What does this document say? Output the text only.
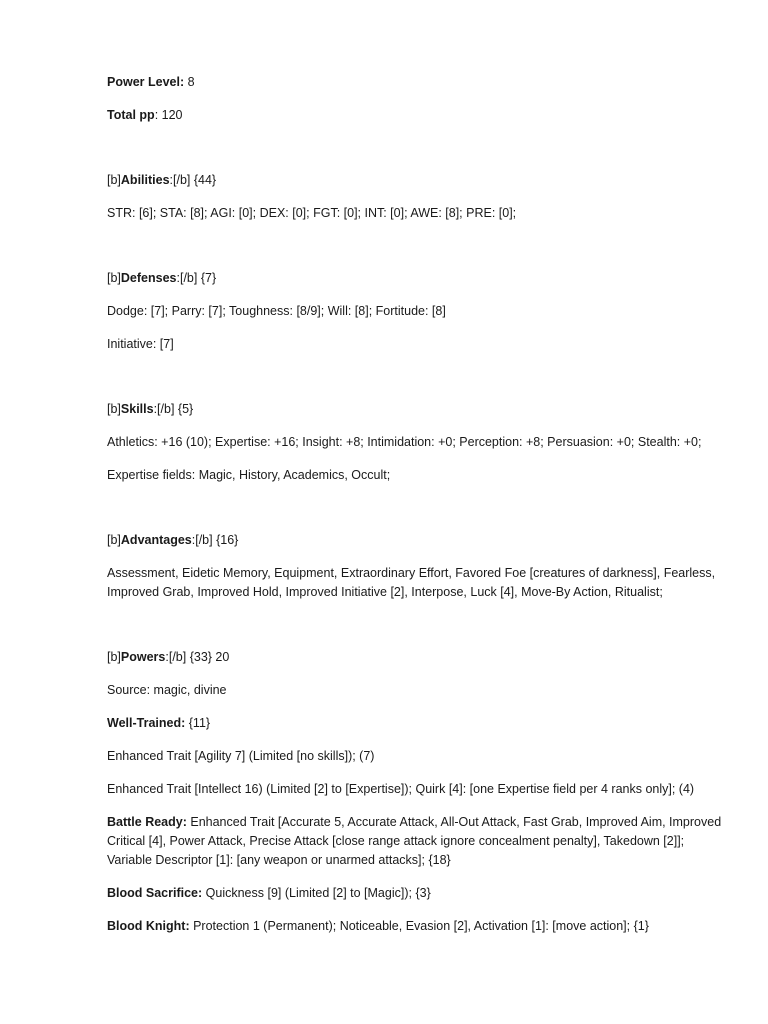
Power Level: 8

Total pp: 120

[b]Abilities:[/b] {44}

STR: [6]; STA: [8]; AGI: [0]; DEX: [0]; FGT: [0]; INT: [0]; AWE: [8]; PRE: [0];

[b]Defenses:[/b] {7}

Dodge: [7]; Parry: [7]; Toughness: [8/9]; Will: [8]; Fortitude: [8]

Initiative: [7]

[b]Skills:[/b] {5}

Athletics: +16 (10); Expertise: +16; Insight: +8; Intimidation: +0; Perception: +8; Persuasion: +0; Stealth: +0;

Expertise fields: Magic, History, Academics, Occult;

[b]Advantages:[/b] {16}

Assessment, Eidetic Memory, Equipment, Extraordinary Effort, Favored Foe [creatures of darkness], Fearless, Improved Grab, Improved Hold, Improved Initiative [2], Interpose, Luck [4], Move-By Action, Ritualist;

[b]Powers:[/b] {33} 20

Source: magic, divine

Well-Trained: {11}

Enhanced Trait [Agility 7] (Limited [no skills]); (7)

Enhanced Trait [Intellect 16) (Limited [2] to [Expertise]); Quirk [4]: [one Expertise field per 4 ranks only]; (4)

Battle Ready: Enhanced Trait [Accurate 5, Accurate Attack, All-Out Attack, Fast Grab, Improved Aim, Improved Critical [4], Power Attack, Precise Attack [close range attack ignore concealment penalty], Takedown [2]]; Variable Descriptor [1]: [any weapon or unarmed attacks]; {18}

Blood Sacrifice: Quickness [9] (Limited [2] to [Magic]); {3}

Blood Knight: Protection 1 (Permanent); Noticeable, Evasion [2], Activation [1]: [move action]; {1}
